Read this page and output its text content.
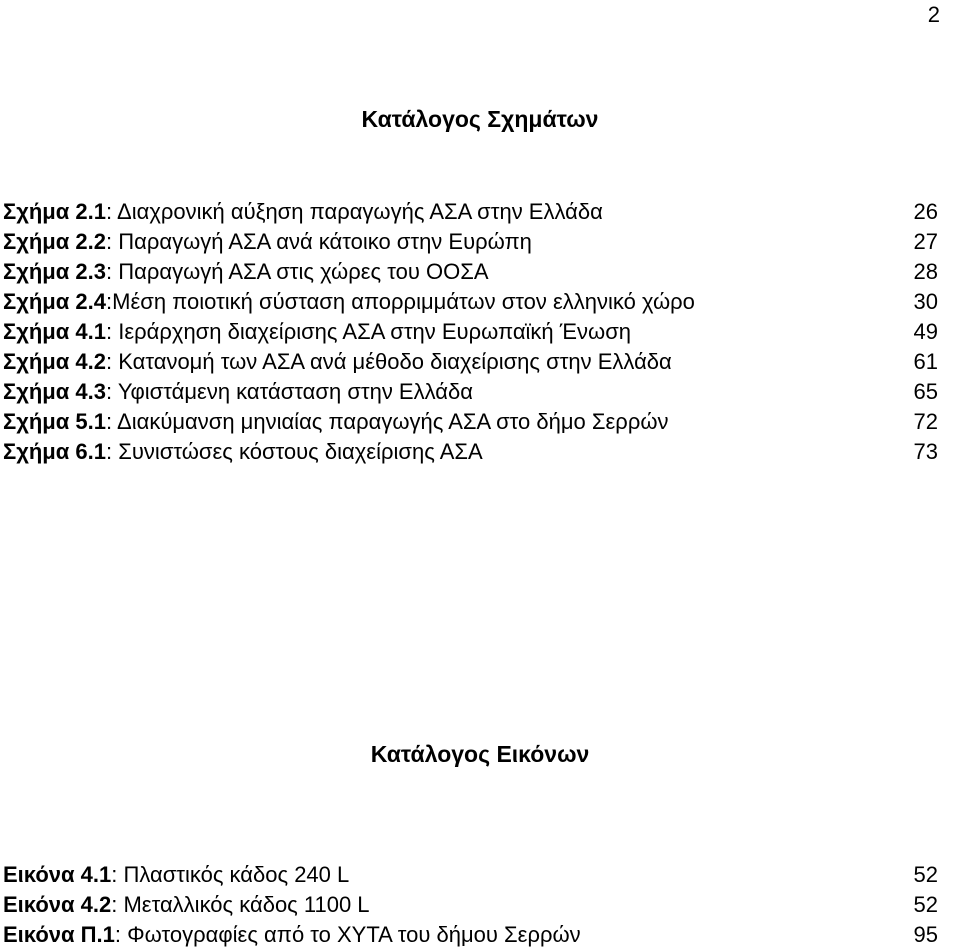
2
Κατάλογος Σχημάτων
Σχήμα 2.1: Διαχρονική αύξηση παραγωγής ΑΣΑ στην Ελλάδα	26
Σχήμα 2.2: Παραγωγή ΑΣΑ ανά κάτοικο στην Ευρώπη	27
Σχήμα 2.3: Παραγωγή ΑΣΑ στις χώρες του ΟΟΣΑ	28
Σχήμα 2.4:Μέση ποιοτική σύσταση απορριμμάτων στον ελληνικό χώρο	30
Σχήμα 4.1: Ιεράρχηση διαχείρισης ΑΣΑ στην Ευρωπαϊκή Ένωση	49
Σχήμα 4.2: Κατανομή των ΑΣΑ ανά μέθοδο διαχείρισης στην Ελλάδα	61
Σχήμα 4.3: Υφιστάμενη κατάσταση στην Ελλάδα	65
Σχήμα 5.1: Διακύμανση μηνιαίας παραγωγής ΑΣΑ στο δήμο Σερρών	72
Σχήμα 6.1: Συνιστώσες κόστους διαχείρισης ΑΣΑ	73
Κατάλογος Εικόνων
Εικόνα 4.1: Πλαστικός κάδος 240 L	52
Εικόνα 4.2: Μεταλλικός κάδος 1100 L	52
Εικόνα Π.1: Φωτογραφίες από το ΧΥΤΑ του δήμου Σερρών	95
